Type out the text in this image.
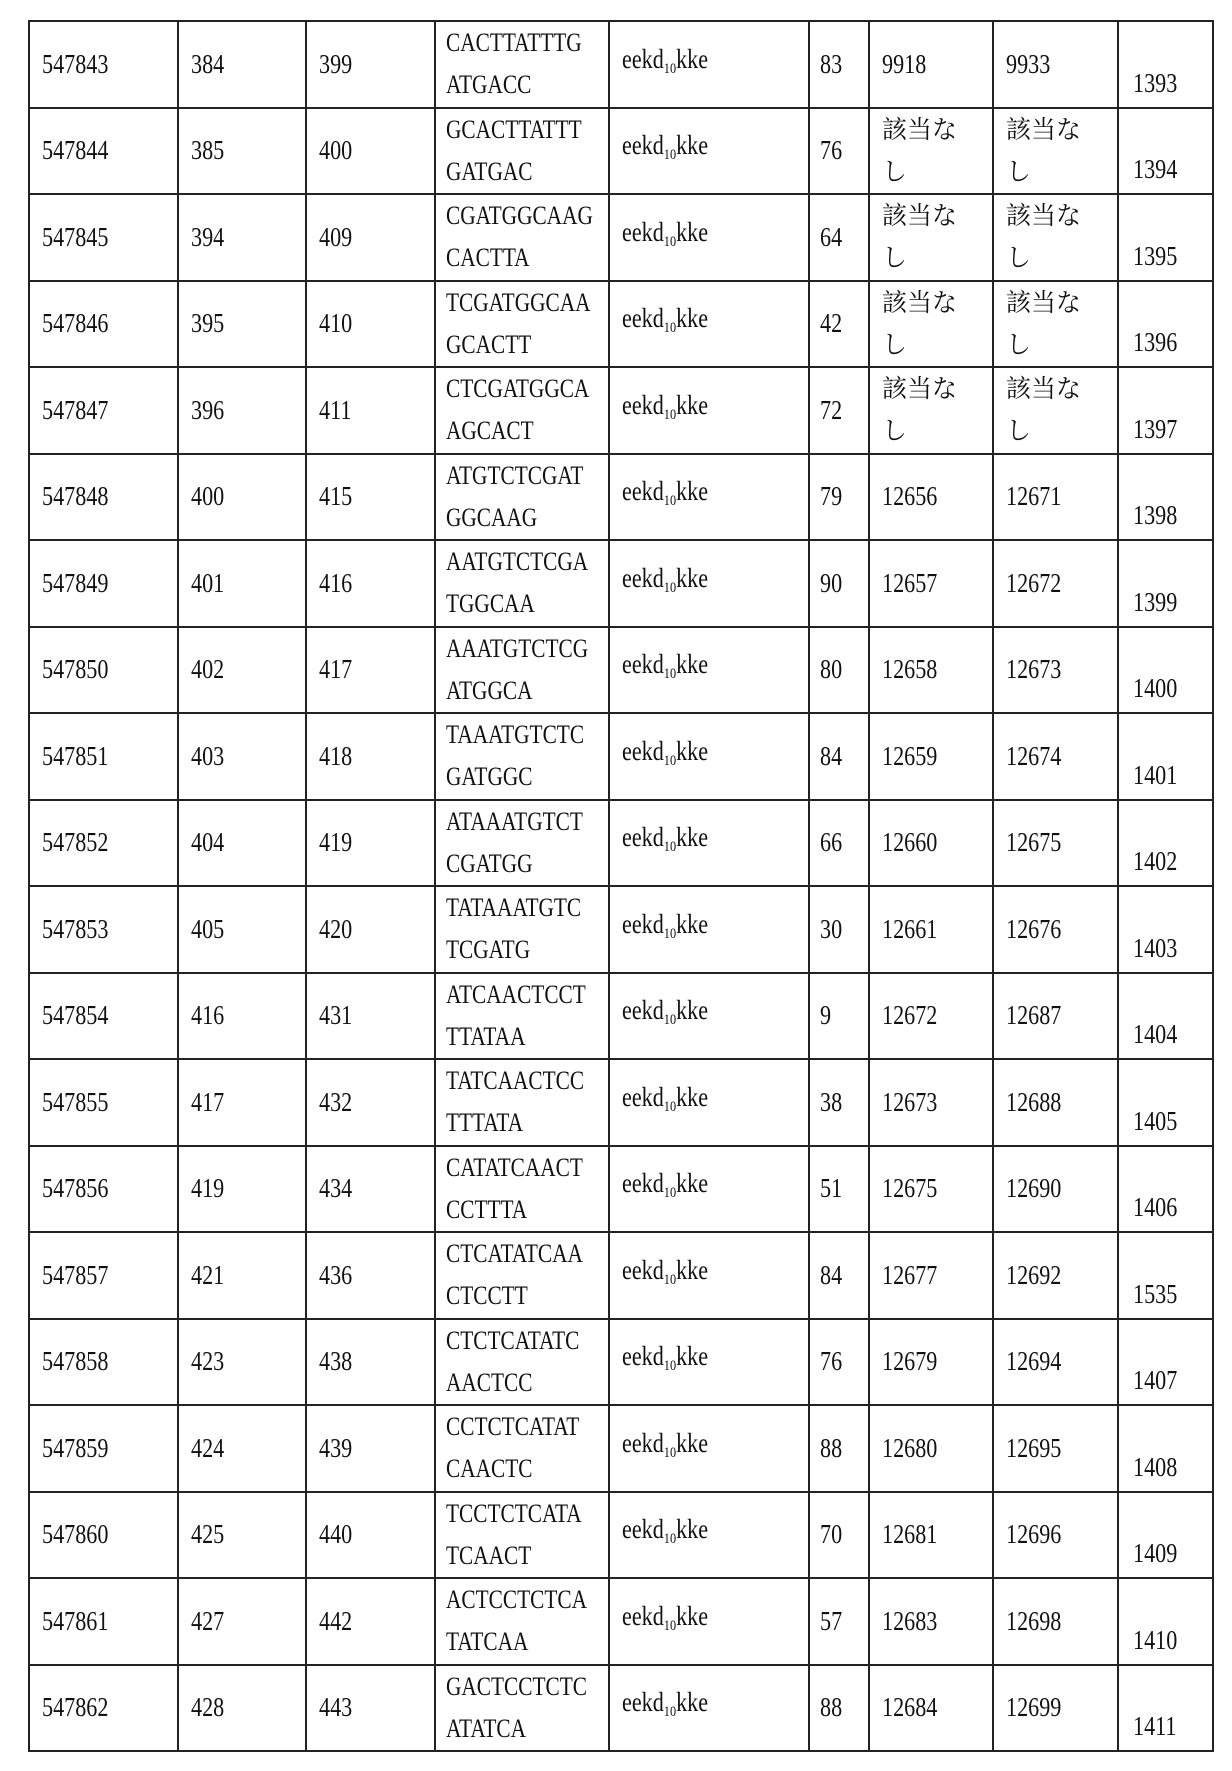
547843	384	399	
CACTTATTTG
ATGACC
	eekd10kke	83	9918	9933	1393
547844	385	400	
GCACTTATTT
GATGAC
	eekd10kke	76	
該当なし

該当なし	1394
547845	394	409	
CGATGGCAAG
CACTTA
	eekd10kke	64	
該当なし

該当なし	1395
547846	395	410	
TCGATGGCAA
GCACTT
	eekd10kke	42	
該当なし

該当なし	1396
547847	396	411	
CTCGATGGCA
AGCACT
	eekd10kke	72	
該当なし

該当なし	1397
547848	400	415	
ATGTCTCGAT
GGCAAG
	eekd10kke	79	12656	12671	1398
547849	401	416	
AATGTCTCGA
TGGCAA
	eekd10kke	90	12657	12672	1399
547850	402	417	
AAATGTCTCG
ATGGCA
	eekd10kke	80	12658	12673	1400
547851	403	418	
TAAATGTCTC
GATGGC
	eekd10kke	84	12659	12674	1401
547852	404	419	
ATAAATGTCT
CGATGG
	eekd10kke	66	12660	12675	1402
547853	405	420	
TATAAATGTC
TCGATG
	eekd10kke	30	12661	12676	1403
547854	416	431	
ATCAACTCCT
TTATAA
	eekd10kke	9	12672	12687	1404
547855	417	432	
TATCAACTCC
TTTATA
	eekd10kke	38	12673	12688	1405
547856	419	434	
CATATCAACT
CCTTTA
	eekd10kke	51	12675	12690	1406
547857	421	436	
CTCATATCAA
CTCCTT
	eekd10kke	84	12677	12692	1535
547858	423	438	
CTCTCATATC
AACTCC
	eekd10kke	76	12679	12694	1407
547859	424	439	
CCTCTCATAT
CAACTC
	eekd10kke	88	12680	12695	1408
547860	425	440	
TCCTCTCATA
TCAACT
	eekd10kke	70	12681	12696	1409
547861	427	442	
ACTCCTCTCA
TATCAA
	eekd10kke	57	12683	12698	1410
547862	428	443	
GACTCCTCTC
ATATCA
	eekd10kke	88	12684	12699	1411
